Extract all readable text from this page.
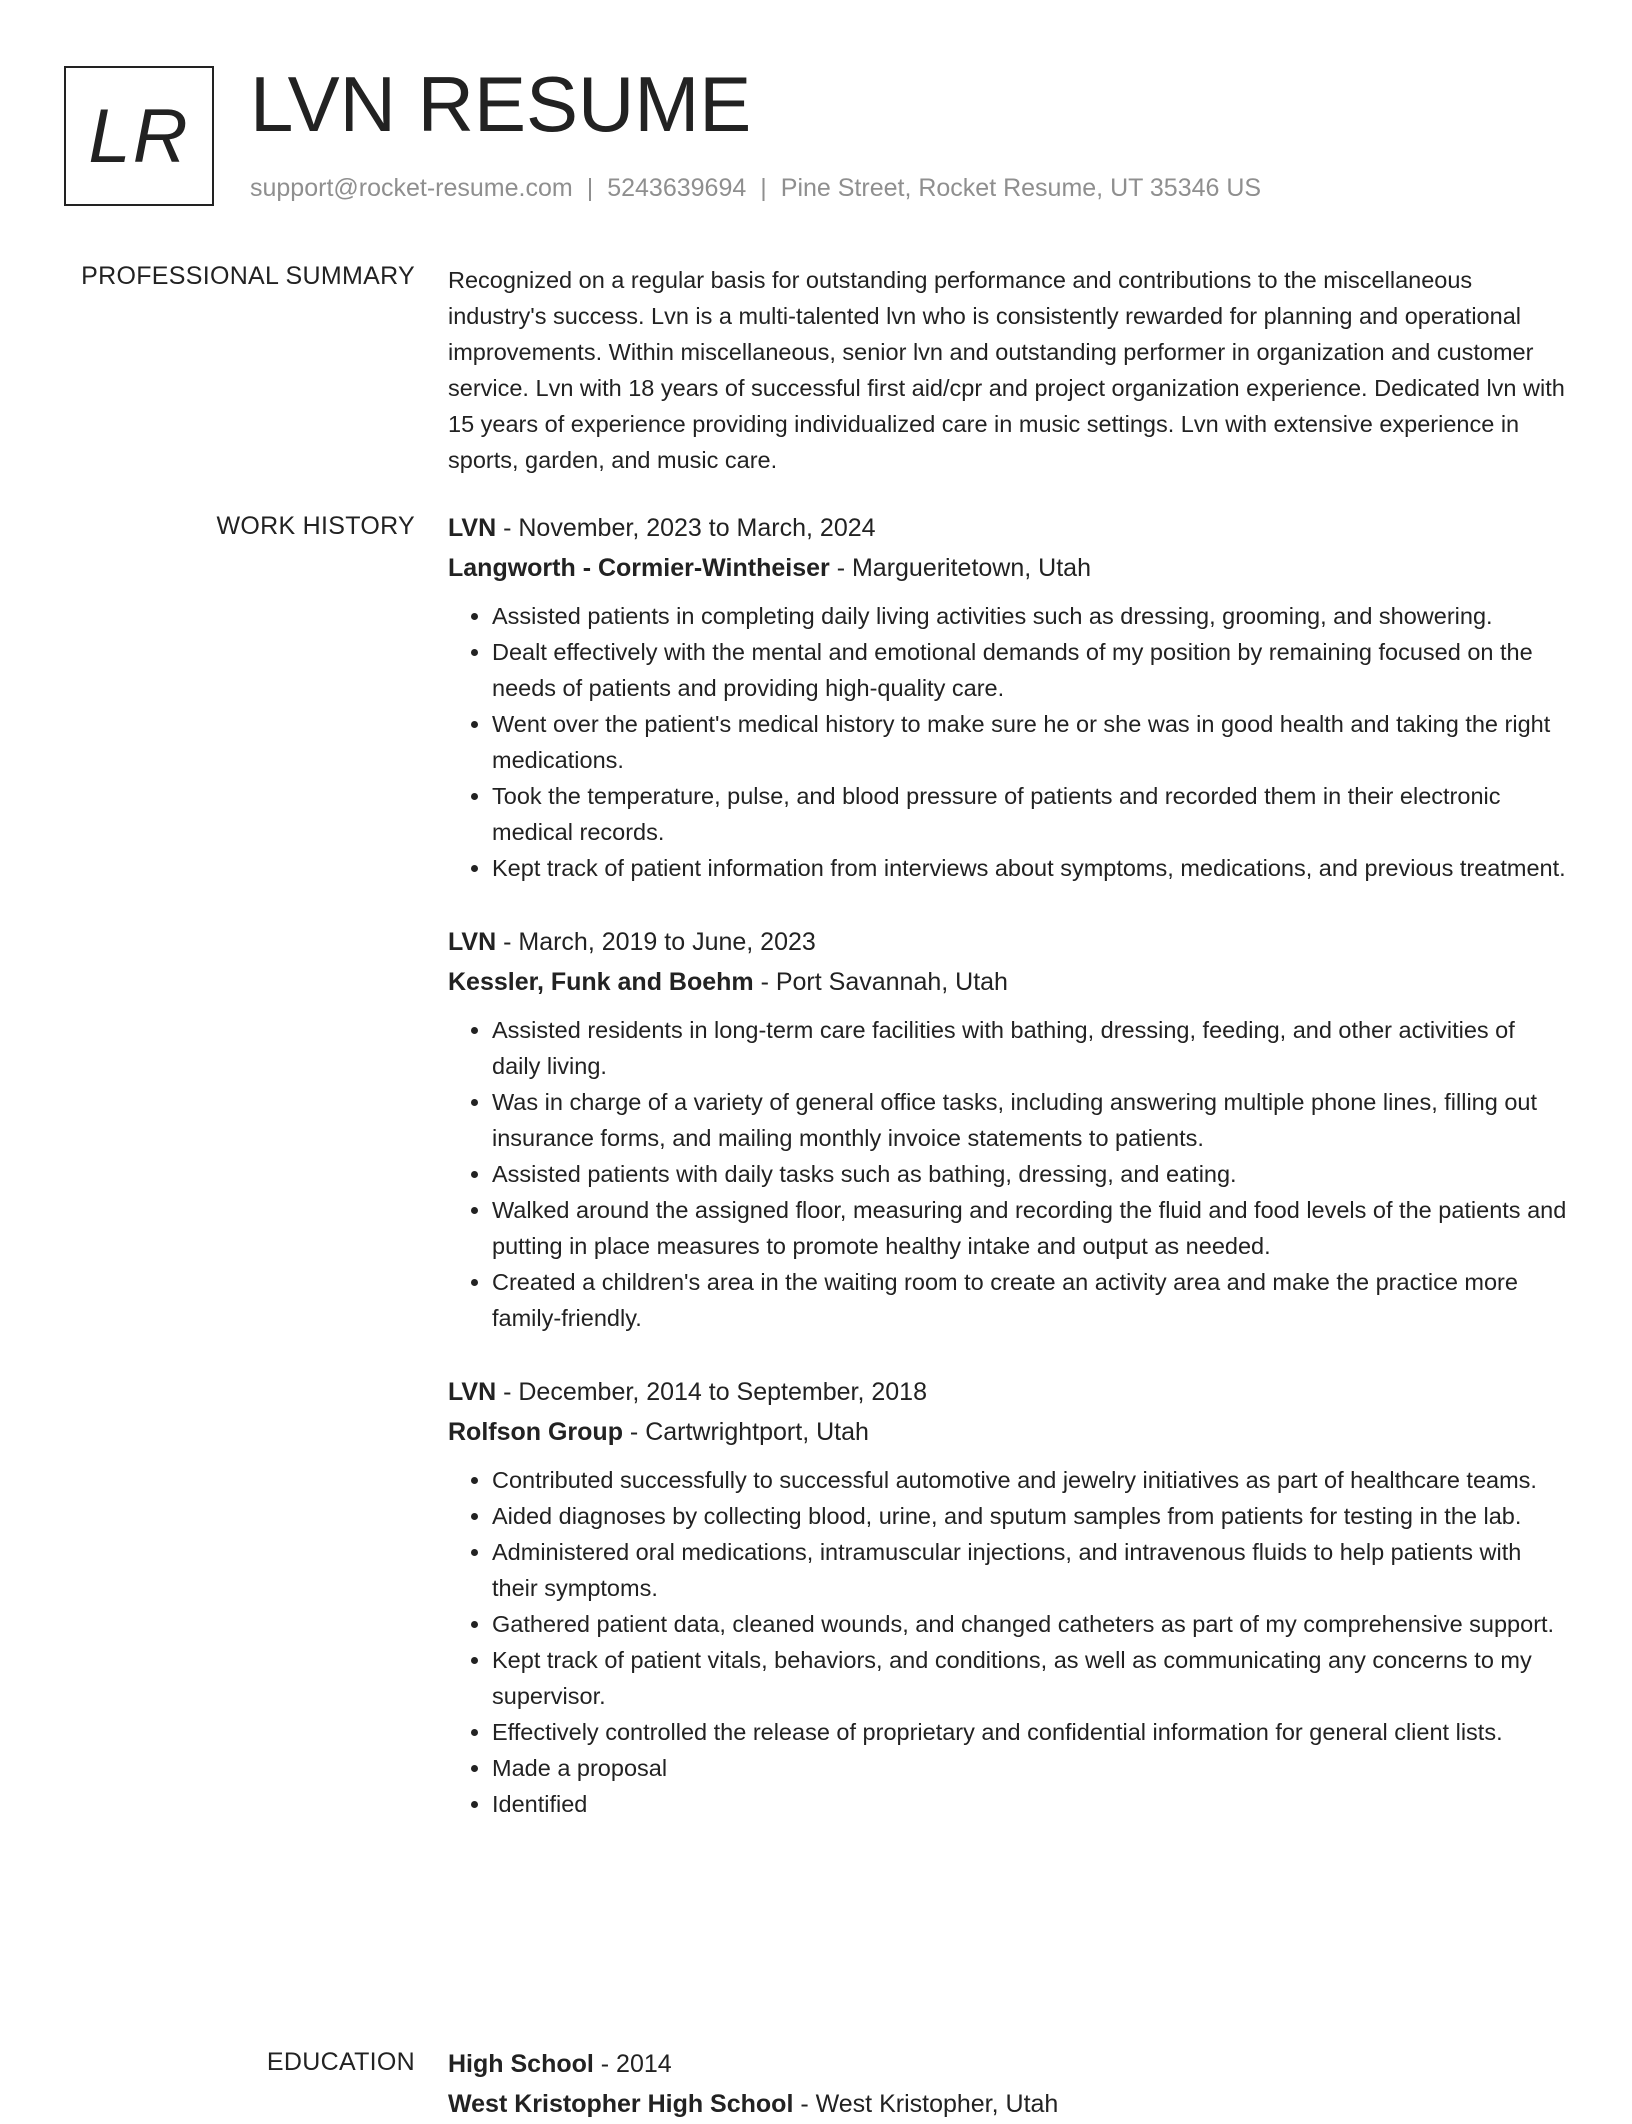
LR LVN RESUME
support@rocket-resume.com | 5243639694 | Pine Street, Rocket Resume, UT 35346 US
PROFESSIONAL SUMMARY Recognized on a regular basis for outstanding performance and contributions to the miscellaneous industry's success. Lvn is a multi-talented lvn who is consistently rewarded for planning and operational improvements. Within miscellaneous, senior lvn and outstanding performer in organization and customer service. Lvn with 18 years of successful first aid/cpr and project organization experience. Dedicated lvn with 15 years of experience providing individualized care in music settings. Lvn with extensive experience in sports, garden, and music care.

WORK HISTORY LVN - November, 2023 to March, 2024
Langworth - Cormier-Wintheiser - Margueritetown, Utah
• Assisted patients in completing daily living activities such as dressing, grooming, and showering.
• Dealt effectively with the mental and emotional demands of my position by remaining focused on the needs of patients and providing high-quality care.
• Went over the patient's medical history to make sure he or she was in good health and taking the right medications.
• Took the temperature, pulse, and blood pressure of patients and recorded them in their electronic medical records.
• Kept track of patient information from interviews about symptoms, medications, and previous treatment.
LVN - March, 2019 to June, 2023
Kessler, Funk and Boehm - Port Savannah, Utah
• Assisted residents in long-term care facilities with bathing, dressing, feeding, and other activities of daily living.
• Was in charge of a variety of general office tasks, including answering multiple phone lines, filling out insurance forms, and mailing monthly invoice statements to patients.
• Assisted patients with daily tasks such as bathing, dressing, and eating.
• Walked around the assigned floor, measuring and recording the fluid and food levels of the patients and putting in place measures to promote healthy intake and output as needed.
• Created a children's area in the waiting room to create an activity area and make the practice more family-friendly.
LVN - December, 2014 to September, 2018
Rolfson Group - Cartwrightport, Utah
• Contributed successfully to successful automotive and jewelry initiatives as part of healthcare teams.
• Aided diagnoses by collecting blood, urine, and sputum samples from patients for testing in the lab.
• Administered oral medications, intramuscular injections, and intravenous fluids to help patients with their symptoms.
• Gathered patient data, cleaned wounds, and changed catheters as part of my comprehensive support.
• Kept track of patient vitals, behaviors, and conditions, as well as communicating any concerns to my supervisor.
• Effectively controlled the release of proprietary and confidential information for general client lists.
• Made a proposal
• Identified
EDUCATION High School - 2014
West Kristopher High School - West Kristopher, Utah
